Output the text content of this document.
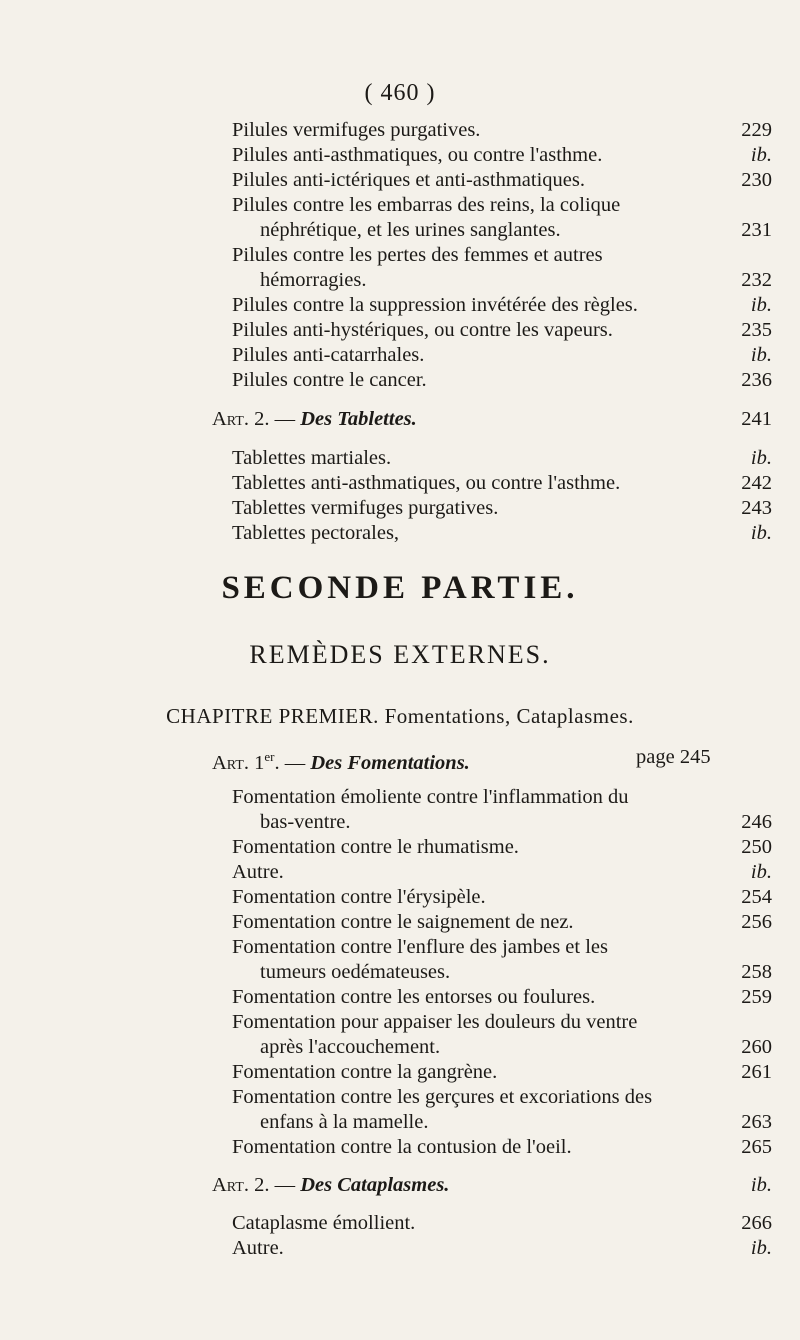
( 460 )
Pilules vermifuges purgatives.	229
Pilules anti-asthmatiques, ou contre l'asthme.	ib.
Pilules anti-ictériques et anti-asthmatiques.	230
Pilules contre les embarras des reins, la colique
néphrétique, et les urines sanglantes.	231
Pilules contre les pertes des femmes et autres
hémorragies.	232
Pilules contre la suppression invétérée des règles.	ib.
Pilules anti-hystériques, ou contre les vapeurs.	235
Pilules anti-catarrhales.	ib.
Pilules contre le cancer.	236
Art. 2. — Des Tablettes.	241
Tablettes martiales.	ib.
Tablettes anti-asthmatiques, ou contre l'asthme.	242
Tablettes vermifuges purgatives.	243
Tablettes pectorales,	ib.
SECONDE PARTIE.
REMÈDES EXTERNES.
CHAPITRE PREMIER. Fomentations, Cataplasmes.
Art. 1er. — Des Fomentations.	page 245
Fomentation émoliente contre l'inflammation du
bas-ventre.	246
Fomentation contre le rhumatisme.	250
Autre.	ib.
Fomentation contre l'érysipèle.	254
Fomentation contre le saignement de nez.	256
Fomentation contre l'enflure des jambes et les
tumeurs oedémateuses.	258
Fomentation contre les entorses ou foulures.	259
Fomentation pour appaiser les douleurs du ventre
après l'accouchement.	260
Fomentation contre la gangrène.	261
Fomentation contre les gerçures et excoriations des
enfans à la mamelle.	263
Fomentation contre la contusion de l'oeil.	265
Art. 2. — Des Cataplasmes.	ib.
Cataplasme émollient.	266
Autre.	ib.
